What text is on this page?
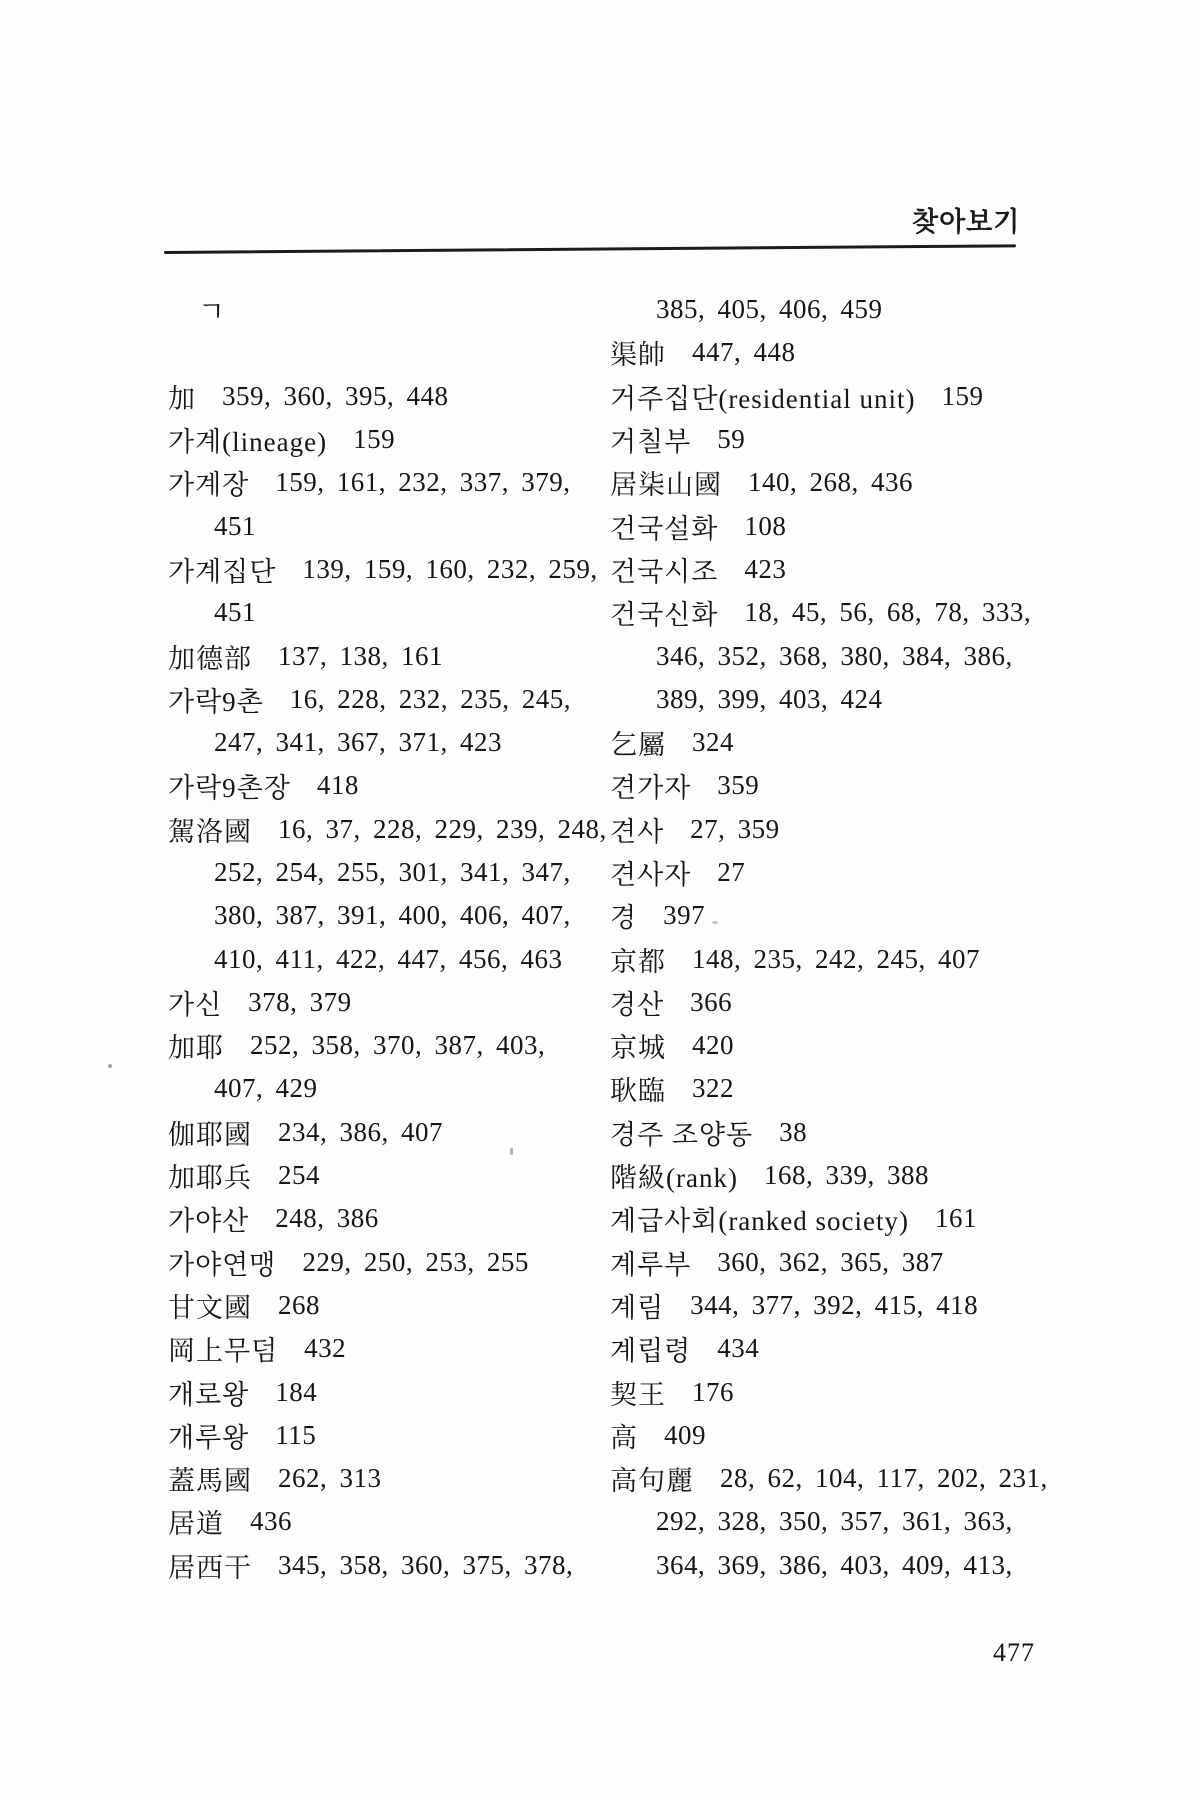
찾아보기
ㄱ
加 359, 360, 395, 448
가계(lineage) 159
가계장 159, 161, 232, 337, 379,
451
가계집단 139, 159, 160, 232, 259,
451
加德部 137, 138, 161
가락9촌 16, 228, 232, 235, 245,
247, 341, 367, 371, 423
가락9촌장 418
駕洛國 16, 37, 228, 229, 239, 248,
252, 254, 255, 301, 341, 347,
380, 387, 391, 400, 406, 407,
410, 411, 422, 447, 456, 463
가신 378, 379
加耶 252, 358, 370, 387, 403,
407, 429
伽耶國 234, 386, 407
加耶兵 254
가야산 248, 386
가야연맹 229, 250, 253, 255
甘文國 268
岡上무덤 432
개로왕 184
개루왕 115
蓋馬國 262, 313
居道 436
居西干 345, 358, 360, 375, 378,
385, 405, 406, 459
渠帥 447, 448
거주집단(residential unit) 159
거칠부 59
居柒山國 140, 268, 436
건국설화 108
건국시조 423
건국신화 18, 45, 56, 68, 78, 333,
346, 352, 368, 380, 384, 386,
389, 399, 403, 424
乞屬 324
견가자 359
견사 27, 359
견사자 27
경 397
京都 148, 235, 242, 245, 407
경산 366
京城 420
耿臨 322
경주 조양동 38
階級(rank) 168, 339, 388
계급사회(ranked society) 161
계루부 360, 362, 365, 387
계림 344, 377, 392, 415, 418
계립령 434
契王 176
高 409
高句麗 28, 62, 104, 117, 202, 231,
292, 328, 350, 357, 361, 363,
364, 369, 386, 403, 409, 413,
477
